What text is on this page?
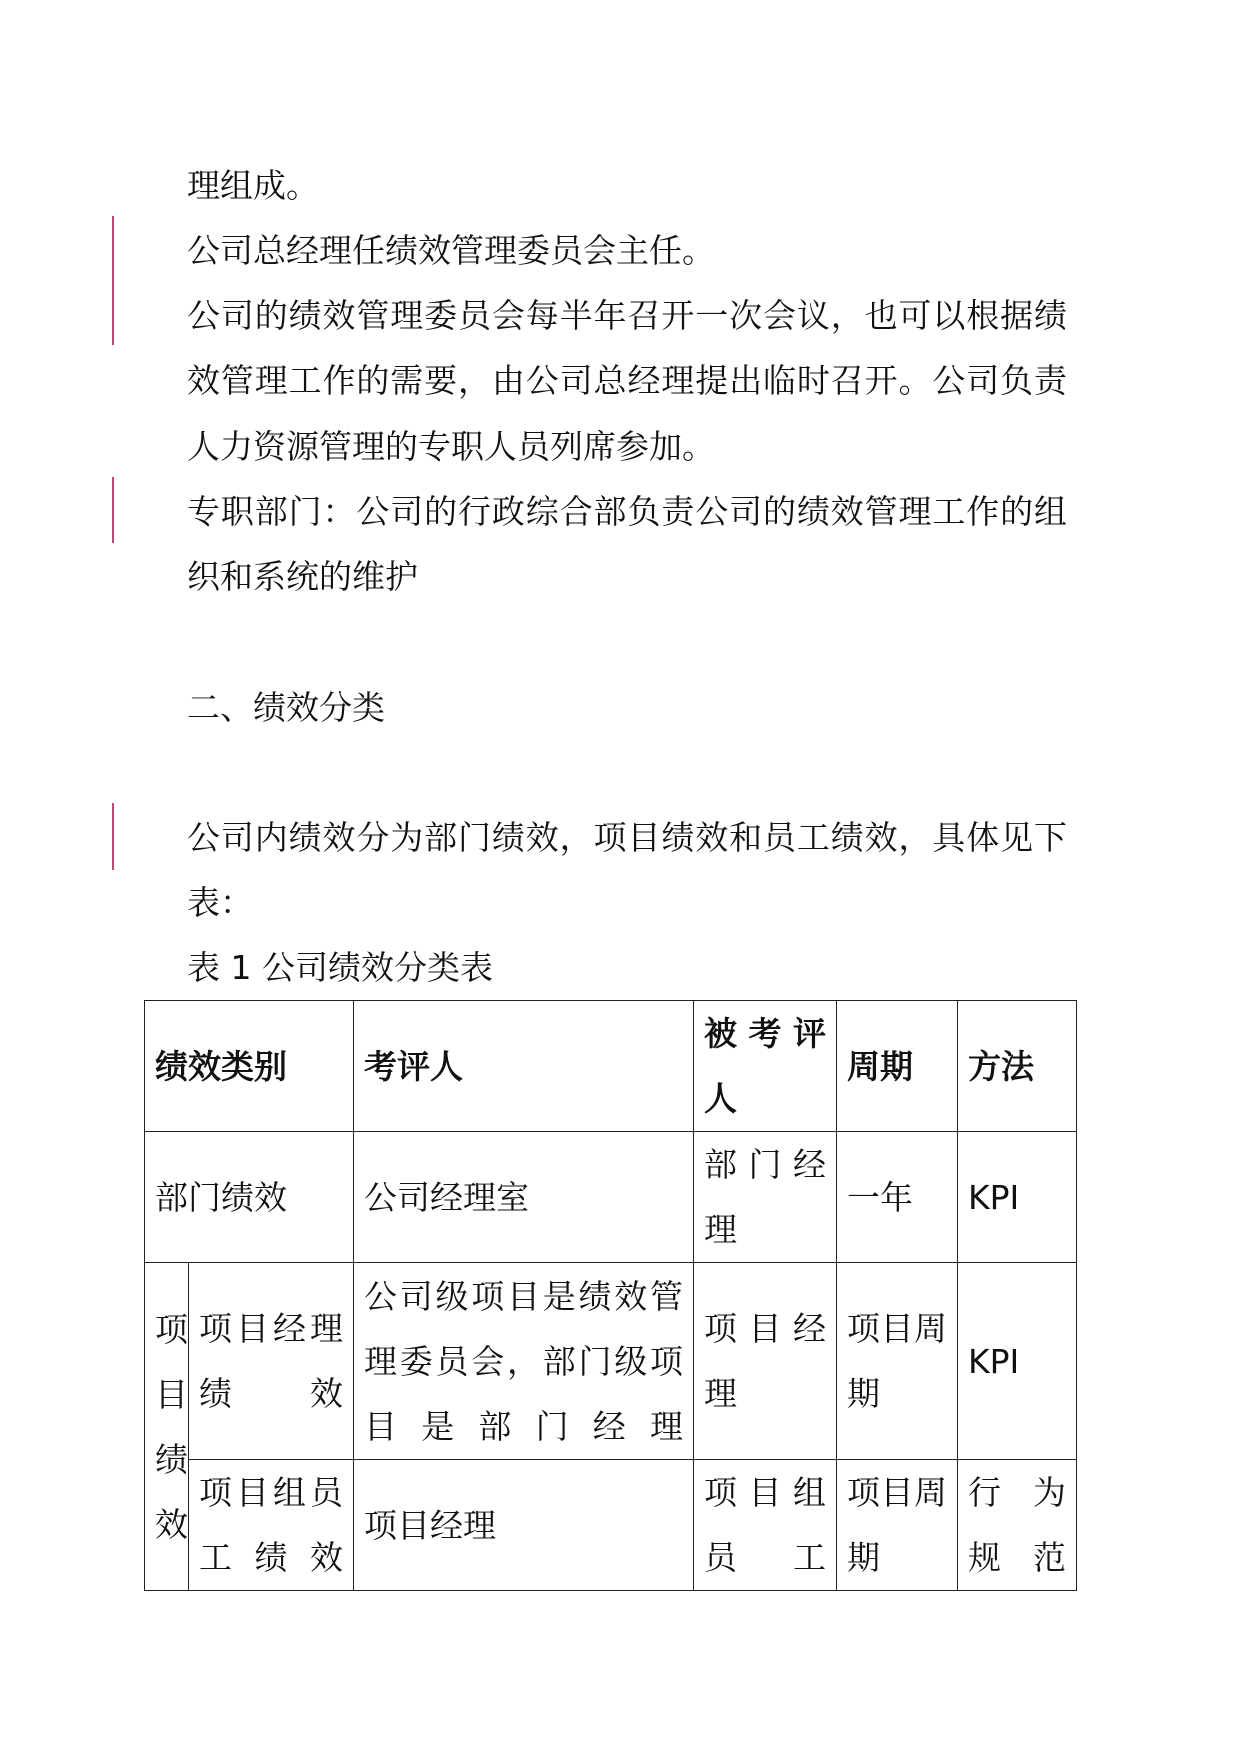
理组成。
公司总经理任绩效管理委员会主任。
公司的绩效管理委员会每半年召开一次会议，也可以根据绩
效管理工作的需要，由公司总经理提出临时召开。公司负责
人力资源管理的专职人员列席参加。
专职部门：公司的行政综合部负责公司的绩效管理工作的组
织和系统的维护
二、绩效分类
公司内绩效分为部门绩效，项目绩效和员工绩效，具体见下
表：
表 1 公司绩效分类表
绩效类别		考评人	被考评人	周期	方法
部门绩效		公司经理室	部门经理	一年	KPI
项目绩效	项目经理绩效	公司级项目是绩效管理委员会，部门级项目是部门经理	项目经理	项目周期	KPI
	项目组员工绩效	项目经理	项目组员工	项目周期	行为规范
